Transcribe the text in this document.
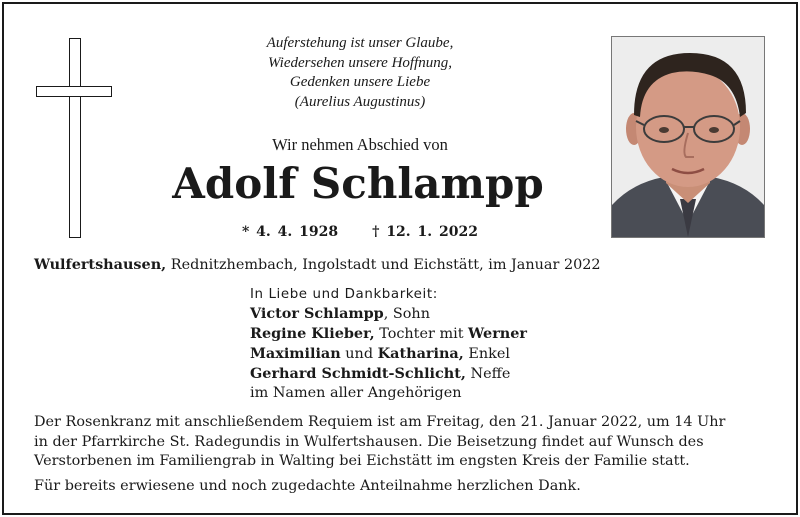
Auferstehung ist unser Glaube,
Wiedersehen unsere Hoffnung,
Gedenken unsere Liebe
(Aurelius Augustinus)
Wir nehmen Abschied von
Adolf Schlampp
* 4. 4. 1928 † 12. 1. 2022
Wulfertshausen, Rednitzhembach, Ingolstadt und Eichstätt, im Januar 2022
In Liebe und Dankbarkeit:
Victor Schlampp, Sohn
Regine Klieber, Tochter mit Werner
Maximilian und Katharina, Enkel
Gerhard Schmidt-Schlicht, Neffe
im Namen aller Angehörigen
Der Rosenkranz mit anschließendem Requiem ist am Freitag, den 21. Januar 2022, um 14 Uhr
in der Pfarrkirche St. Radegundis in Wulfertshausen. Die Beisetzung findet auf Wunsch des
Verstorbenen im Familiengrab in Walting bei Eichstätt im engsten Kreis der Familie statt.
Für bereits erwiesene und noch zugedachte Anteilnahme herzlichen Dank.
